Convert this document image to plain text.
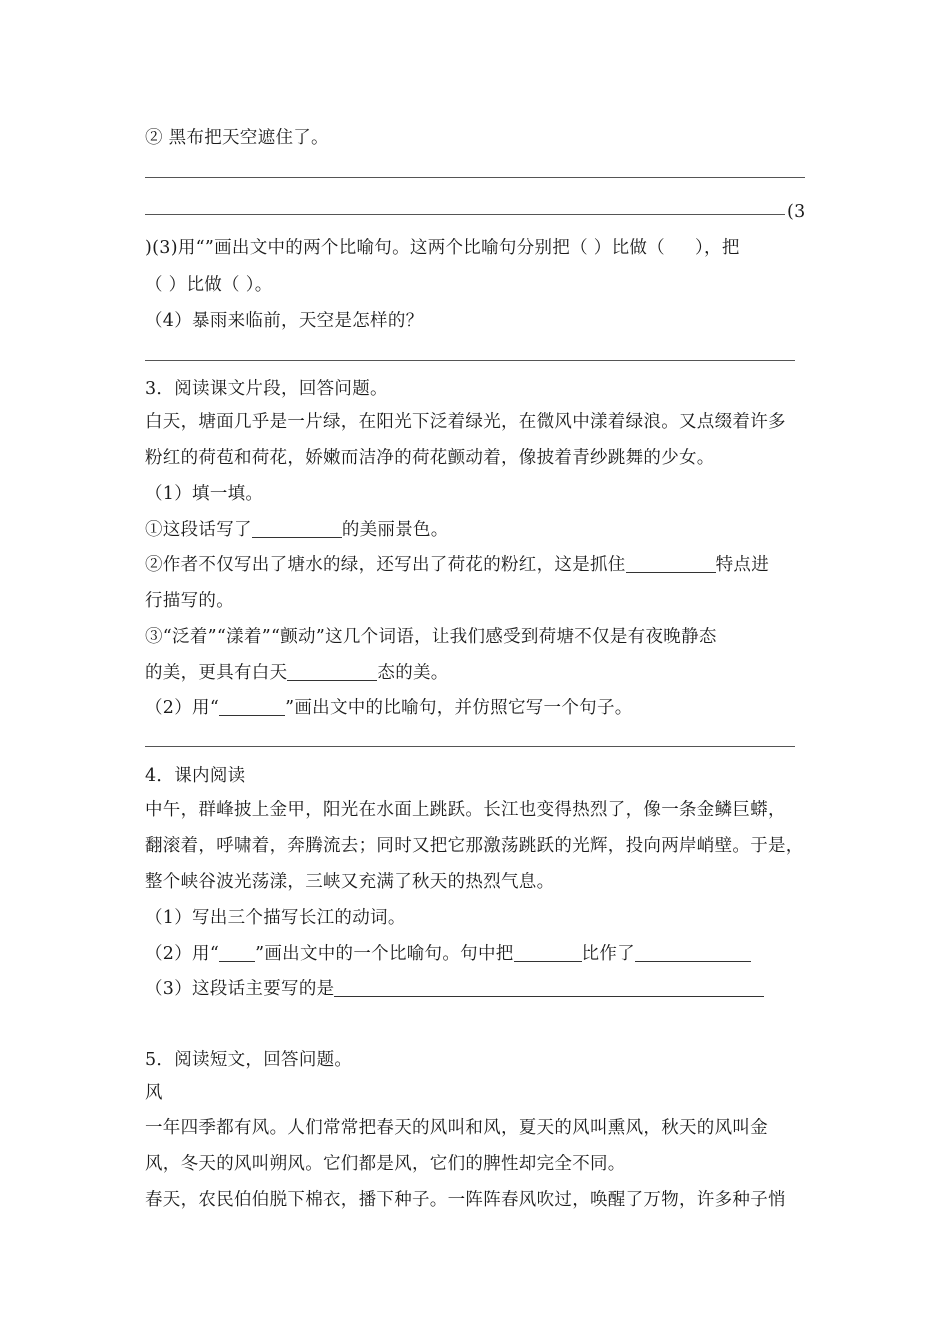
② 黑布把天空遮住了。

(3

)(3)用“”画出文中的两个比喻句。这两个比喻句分别把（ ）比做（ ），把

（ ）比做（ ）。

（4）暴雨来临前，天空是怎样的？

3．阅读课文片段，回答问题。

白天，塘面几乎是一片绿，在阳光下泛着绿光，在微风中漾着绿浪。又点缀着许多

粉红的荷苞和荷花，娇嫩而洁净的荷花颤动着，像披着青纱跳舞的少女。

（1）填一填。

①这段话写了	的美丽景色。

②作者不仅写出了塘水的绿，还写出了荷花的粉红，这是抓住	特点进

行描写的。

③“泛着”“漾着”“颤动”这几个词语，让我们感受到荷塘不仅是有夜晚静态

的美，更具有白天	态的美。

（2）用“	”画出文中的比喻句，并仿照它写一个句子。

4．课内阅读

中午，群峰披上金甲，阳光在水面上跳跃。长江也变得热烈了，像一条金鳞巨蟒，

翻滚着，呼啸着，奔腾流去；同时又把它那激荡跳跃的光辉，投向两岸峭壁。于是，

整个峡谷波光荡漾，三峡又充满了秋天的热烈气息。

（1）写出三个描写长江的动词。

（2）用“ ”画出文中的一个比喻句。句中把	比作了

（3）这段话主要写的是

5．阅读短文，回答问题。

风

一年四季都有风。人们常常把春天的风叫和风，夏天的风叫熏风，秋天的风叫金

风，冬天的风叫朔风。它们都是风，它们的脾性却完全不同。

春天，农民伯伯脱下棉衣，播下种子。一阵阵春风吹过，唤醒了万物，许多种子悄
